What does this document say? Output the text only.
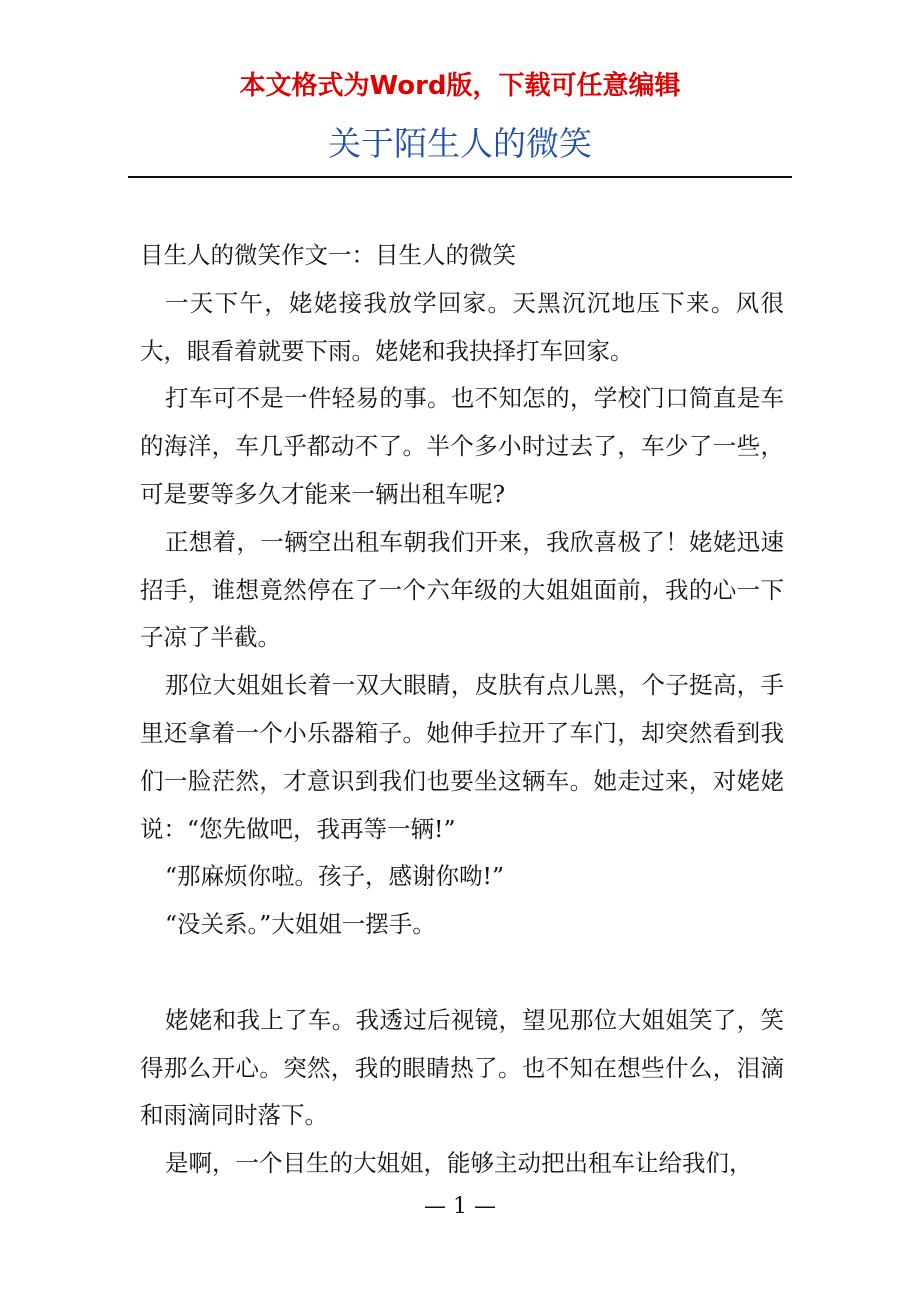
本文格式为Word版，下载可任意编辑
关于陌生人的微笑

目生人的微笑作文一：目生人的微笑

一天下午，姥姥接我放学回家。天黑沉沉地压下来。风很大，眼看着就要下雨。姥姥和我抉择打车回家。

打车可不是一件轻易的事。也不知怎的，学校门口简直是车的海洋，车几乎都动不了。半个多小时过去了，车少了一些，可是要等多久才能来一辆出租车呢?

正想着，一辆空出租车朝我们开来，我欣喜极了！姥姥迅速招手，谁想竟然停在了一个六年级的大姐姐面前，我的心一下子凉了半截。

那位大姐姐长着一双大眼睛，皮肤有点儿黑，个子挺高，手里还拿着一个小乐器箱子。她伸手拉开了车门，却突然看到我们一脸茫然，才意识到我们也要坐这辆车。她走过来，对姥姥说：“您先做吧，我再等一辆!”

“那麻烦你啦。孩子，感谢你呦!”

“没关系。”大姐姐一摆手。

姥姥和我上了车。我透过后视镜，望见那位大姐姐笑了，笑得那么开心。突然，我的眼睛热了。也不知在想些什么，泪滴和雨滴同时落下。

是啊，一个目生的大姐姐，能够主动把出租车让给我们，

— 1 —
